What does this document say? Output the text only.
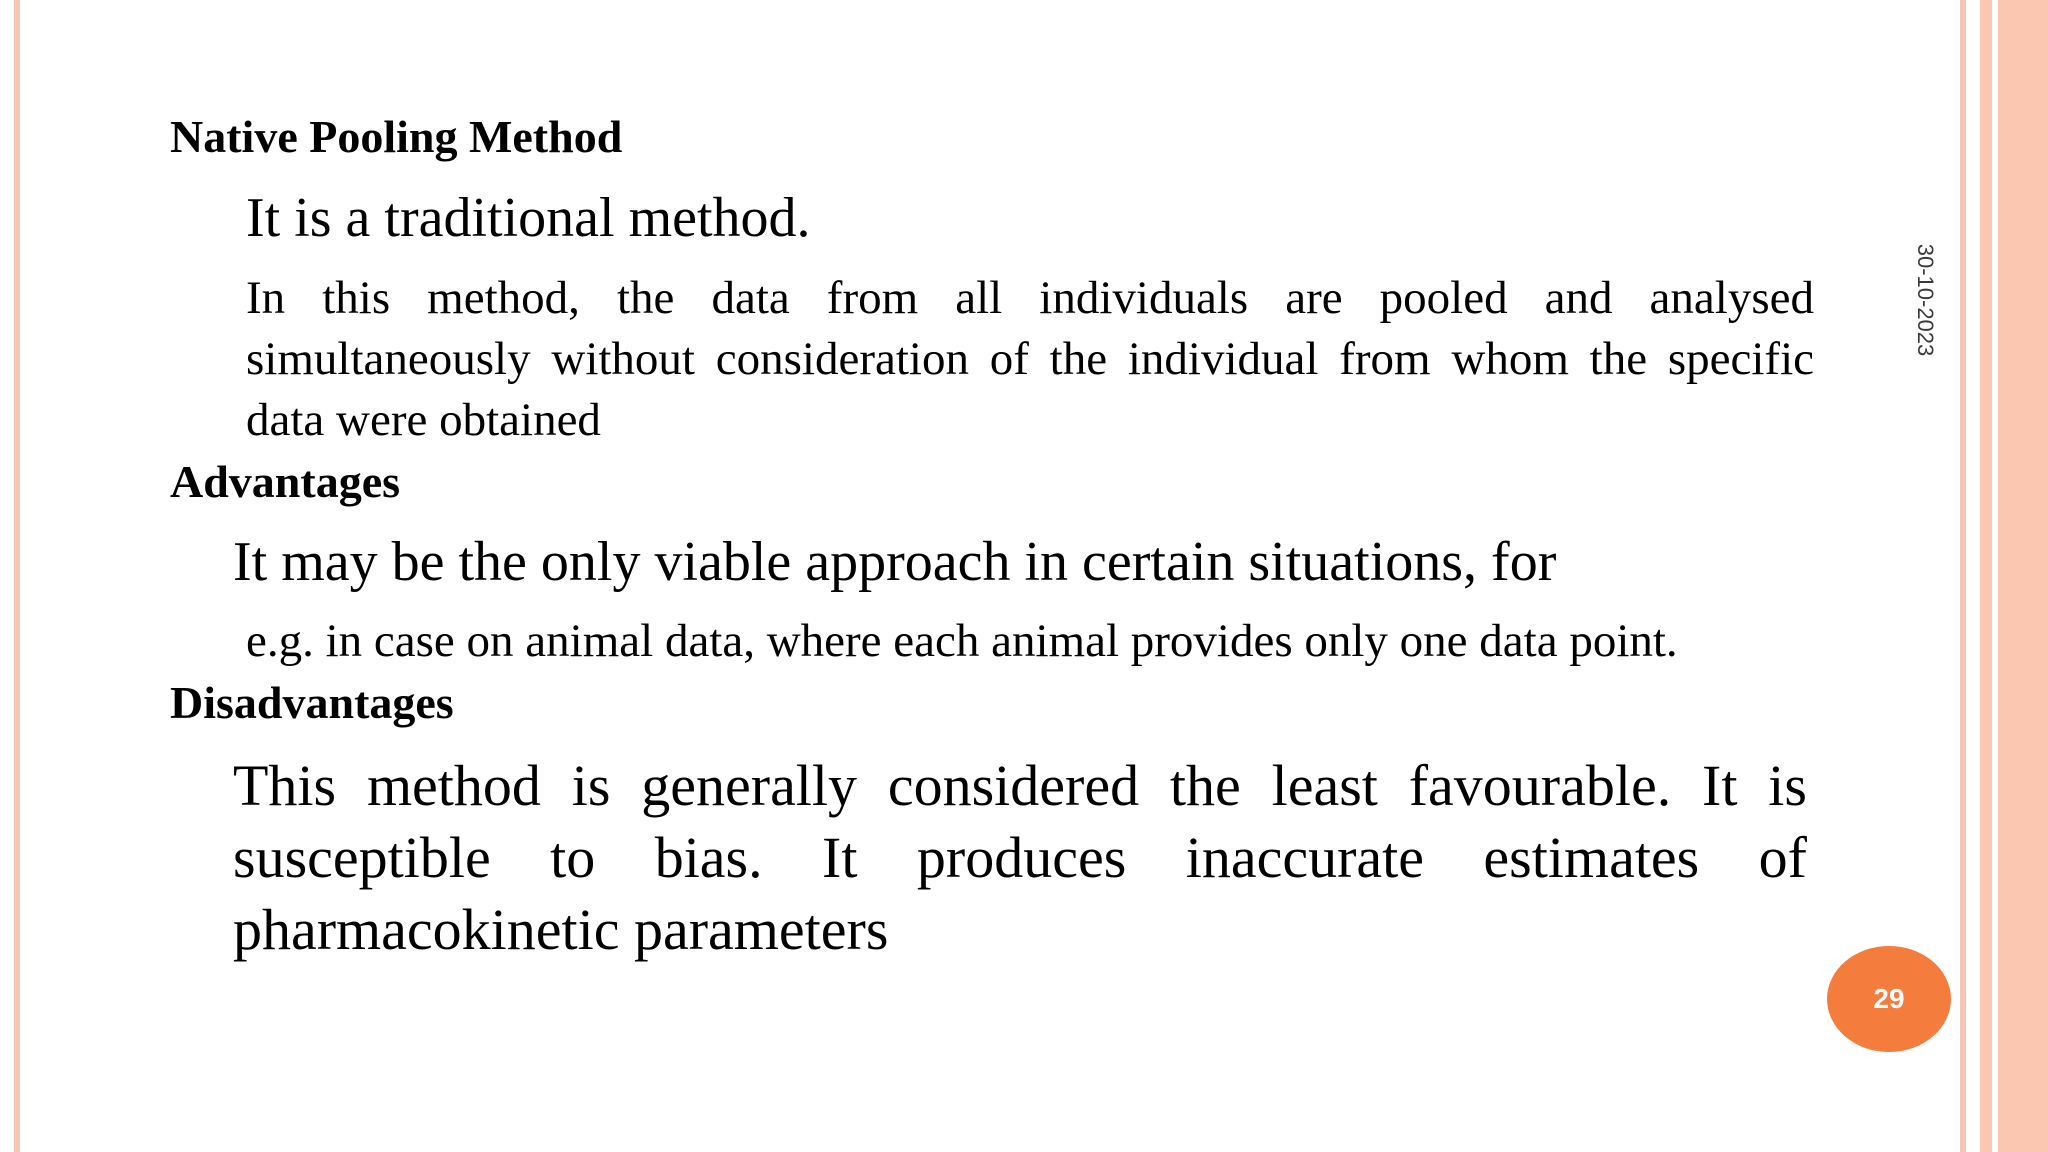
30-10-2023
Native Pooling Method

It is a traditional method.

In this method, the data from all individuals are pooled and analysed simultaneously without consideration of the individual from whom the specific data were obtained

Advantages

It may be the only viable approach in certain situations, for

e.g. in case on animal data, where each animal provides only one data point.

Disadvantages

This method is generally considered the least favourable. It is susceptible to bias. It produces inaccurate estimates of pharmacokinetic parameters

29
